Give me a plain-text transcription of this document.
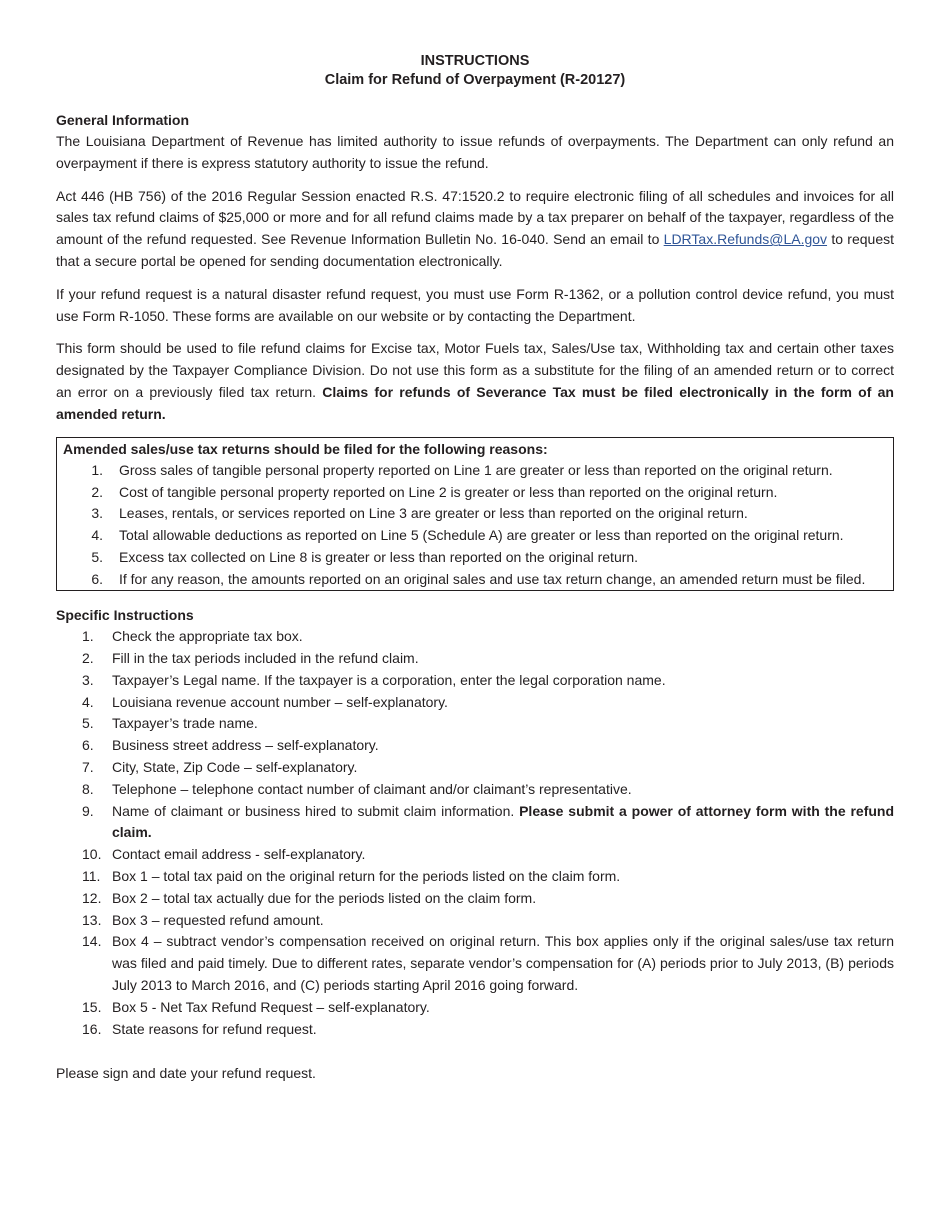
INSTRUCTIONS
Claim for Refund of Overpayment (R-20127)
General Information

The Louisiana Department of Revenue has limited authority to issue refunds of overpayments. The Department can only refund an overpayment if there is express statutory authority to issue the refund.

Act 446 (HB 756) of the 2016 Regular Session enacted R.S. 47:1520.2 to require electronic filing of all schedules and invoices for all sales tax refund claims of $25,000 or more and for all refund claims made by a tax preparer on behalf of the taxpayer, regardless of the amount of the refund requested. See Revenue Information Bulletin No. 16-040. Send an email to LDRTax.Refunds@LA.gov to request that a secure portal be opened for sending documentation electronically.

If your refund request is a natural disaster refund request, you must use Form R-1362, or a pollution control device refund, you must use Form R-1050. These forms are available on our website or by contacting the Department.

This form should be used to file refund claims for Excise tax, Motor Fuels tax, Sales/Use tax, Withholding tax and certain other taxes designated by the Taxpayer Compliance Division. Do not use this form as a substitute for the filing of an amended return or to correct an error on a previously filed tax return. Claims for refunds of Severance Tax must be filed electronically in the form of an amended return.

Amended sales/use tax returns should be filed for the following reasons:
1.	Gross sales of tangible personal property reported on Line 1 are greater or less than reported on the original return.
2.	Cost of tangible personal property reported on Line 2 is greater or less than reported on the original return.
3.	Leases, rentals, or services reported on Line 3 are greater or less than reported on the original return.
4.	Total allowable deductions as reported on Line 5 (Schedule A) are greater or less than reported on the original return.
5.	Excess tax collected on Line 8 is greater or less than reported on the original return.
6.	If for any reason, the amounts reported on an original sales and use tax return change, an amended return must be filed.
Specific Instructions
1.	Check the appropriate tax box.
2.	Fill in the tax periods included in the refund claim.
3.	Taxpayer’s Legal name. If the taxpayer is a corporation, enter the legal corporation name.
4.	Louisiana revenue account number – self-explanatory.
5.	Taxpayer’s trade name.
6.	Business street address – self-explanatory.
7.	City, State, Zip Code – self-explanatory.
8.	Telephone – telephone contact number of claimant and/or claimant’s representative.
9.	Name of claimant or business hired to submit claim information. Please submit a power of attorney form with the refund claim.
10. Contact email address - self-explanatory.
11. Box 1 – total tax paid on the original return for the periods listed on the claim form.
12. Box 2 – total tax actually due for the periods listed on the claim form.
13. Box 3 – requested refund amount.
14. Box 4 – subtract vendor’s compensation received on original return. This box applies only if the original sales/use tax return was filed and paid timely. Due to different rates, separate vendor’s compensation for (A) periods prior to July 2013, (B) periods July 2013 to March 2016, and (C) periods starting April 2016 going forward.
15. Box 5 - Net Tax Refund Request – self-explanatory.
16. State reasons for refund request.

Please sign and date your refund request.
